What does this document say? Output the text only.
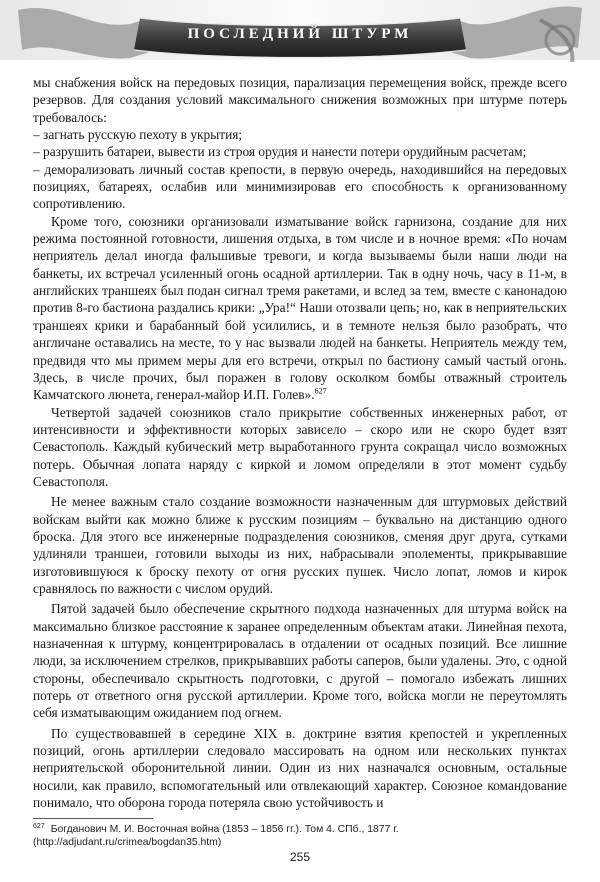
ПОСЛЕДНИЙ ШТУРМ

мы снабжения войск на передовых позиция, парализация перемещения войск, прежде всего резервов. Для создания условий максимального снижения возможных при штурме потерь требовалось:

– загнать русскую пехоту в укрытия;

– разрушить батареи, вывести из строя орудия и нанести потери орудийным расчетам;

– деморализовать личный состав крепости, в первую очередь, находившийся на передовых позициях, батареях, ослабив или минимизировав его способность к организованному сопротивлению.

Кроме того, союзники организовали изматывание войск гарнизона, создание для них режима постоянной готовности, лишения отдыха, в том числе и в ночное время: «По ночам неприятель делал иногда фальшивые тревоги, и когда вызываемы были наши люди на банкеты, их встречал усиленный огонь осадной артиллерии. Так в одну ночь, часу в 11-м, в английских траншеях был подан сигнал тремя ракетами, и вслед за тем, вместе с канонадою против 8-го бастиона раздались крики: „Ура!“ Наши отозвали цепь; но, как в неприятельских траншеях крики и барабанный бой усилились, и в темноте нельзя было разобрать, что англичане оставались на месте, то у нас вызвали людей на банкеты. Неприятель между тем, предвидя что мы примем меры для его встречи, открыл по бастиону самый частый огонь. Здесь, в числе прочих, был поражен в голову осколком бомбы отважный строитель Камчатского люнета, генерал-майор И.П. Голев».$^{627}$

Четвертой задачей союзников стало прикрытие собственных инженерных работ, от интенсивности и эффективности которых зависело – скоро или не скоро будет взят Севастополь. Каждый кубический метр выработанного грунта сокращал число возможных потерь. Обычная лопата наряду с киркой и ломом определяли в этот момент судьбу Севастополя.

Не менее важным стало создание возможности назначенным для штурмовых действий войскам выйти как можно ближе к русским позициям – буквально на дистанцию одного броска. Для этого все инженерные подразделения союзников, сменяя друг друга, сутками удлиняли траншеи, готовили выходы из них, набрасывали эполементы, прикрывавшие изготовившуюся к броску пехоту от огня русских пушек. Число лопат, ломов и кирок сравнялось по важности с числом орудий.

Пятой задачей было обеспечение скрытного подхода назначенных для штурма войск на максимально близкое расстояние к заранее определенным объектам атаки. Линейная пехота, назначенная к штурму, концентрировалась в отдалении от осадных позиций. Все лишние люди, за исключением стрелков, прикрывавших работы саперов, были удалены. Это, с одной стороны, обеспечивало скрытность подготовки, с другой – помогало избежать лишних потерь от ответного огня русской артиллерии. Кроме того, войска могли не переутомлять себя изматывающим ожиданием под огнем.

По существовавшей в середине XIX в. доктрине взятия крепостей и укрепленных позиций, огонь артиллерии следовало массировать на одном или нескольких пунктах неприятельской оборонительной линии. Один из них назначался основным, остальные носили, как правило, вспомогательный или отвлекающий характер. Союзное командование понимало, что оборона города потеряла свою устойчивость и

$^{627}$ Богданович М. И. Восточная война (1853 – 1856 гг.). Том 4. СПб., 1877 г. (http://adjudant.ru/crimea/bogdan35.htm)
255
